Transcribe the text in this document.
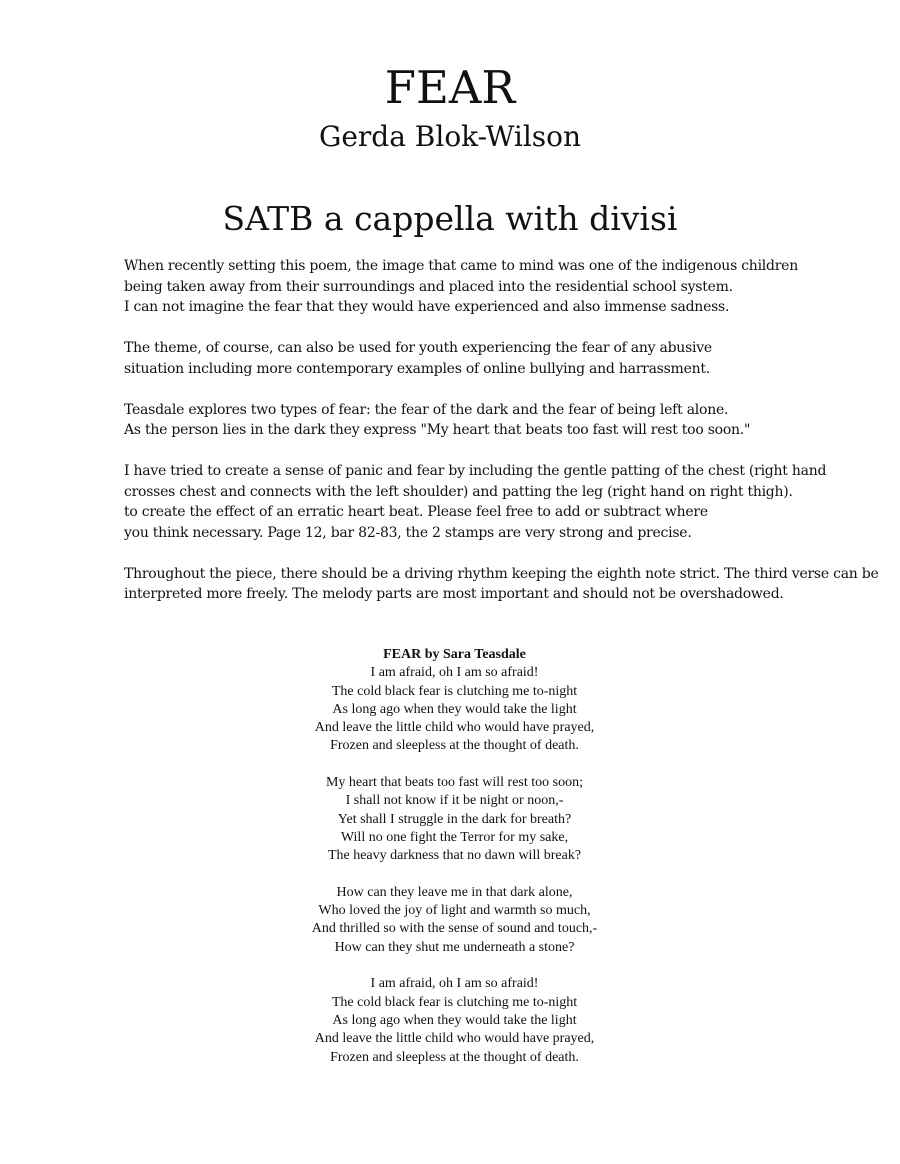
FEAR
Gerda Blok-Wilson
SATB a cappella with divisi

When recently setting this poem, the image that came to mind was one of the indigenous children
being taken away from their surroundings and placed into the residential school system.
I can not imagine the fear that they would have experienced and also immense sadness.

The theme, of course, can also be used for youth experiencing the fear of any abusive
situation including more contemporary examples of online bullying and harrassment.

Teasdale explores two types of fear: the fear of the dark and the fear of being left alone.
As the person lies in the dark they express "My heart that beats too fast will rest too soon."

I have tried to create a sense of panic and fear by including the gentle patting of the chest (right hand
crosses chest and connects with the left shoulder) and patting the leg (right hand on right thigh).
to create the effect of an erratic heart beat. Please feel free to add or subtract where
you think necessary. Page 12, bar 82-83, the 2 stamps are very strong and precise.

Throughout the piece, there should be a driving rhythm keeping the eighth note strict. The third verse can be
interpreted more freely. The melody parts are most important and should not be overshadowed.

FEAR by Sara Teasdale
I am afraid, oh I am so afraid!
The cold black fear is clutching me to-night
As long ago when they would take the light
And leave the little child who would have prayed,
Frozen and sleepless at the thought of death.
My heart that beats too fast will rest too soon;
I shall not know if it be night or noon,-
Yet shall I struggle in the dark for breath?
Will no one fight the Terror for my sake,
The heavy darkness that no dawn will break?
How can they leave me in that dark alone,
Who loved the joy of light and warmth so much,
And thrilled so with the sense of sound and touch,-
How can they shut me underneath a stone?
I am afraid, oh I am so afraid!
The cold black fear is clutching me to-night
As long ago when they would take the light
And leave the little child who would have prayed,
Frozen and sleepless at the thought of death.
